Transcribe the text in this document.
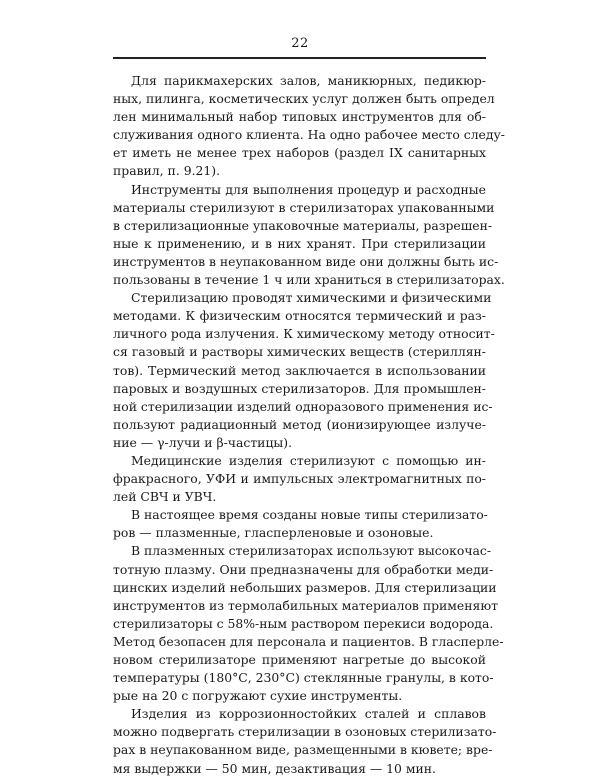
22
Для парикмахерских залов, маникюрных, педикюр-
ных, пилинга, косметических услуг должен быть определ
лен минимальный набор типовых инструментов для об-
служивания одного клиента. На одно рабочее место следу-
ет иметь не менее трех наборов (раздел IX санитарных
правил, п. 9.21).
Инструменты для выполнения процедур и расходные
материалы стерилизуют в стерилизаторах упакованными
в стерилизационные упаковочные материалы, разрешен-
ные к применению, и в них хранят. При стерилизации
инструментов в неупакованном виде они должны быть ис-
пользованы в течение 1 ч или храниться в стерилизаторах.
Стерилизацию проводят химическими и физическими
методами. К физическим относятся термический и раз-
личного рода излучения. К химическому методу относит-
ся газовый и растворы химических веществ (стериллян-
тов). Термический метод заключается в использовании
паровых и воздушных стерилизаторов. Для промышлен-
ной стерилизации изделий одноразового применения ис-
пользуют радиационный метод (ионизирующее излуче-
ние — γ-лучи и β-частицы).
Медицинские изделия стерилизуют с помощью ин-
фракрасного, УФИ и импульсных электромагнитных по-
лей СВЧ и УВЧ.
В настоящее время созданы новые типы стерилизато-
ров — плазменные, гласперленовые и озоновые.
В плазменных стерилизаторах используют высокочас-
тотную плазму. Они предназначены для обработки меди-
цинских изделий небольших размеров. Для стерилизации
инструментов из термолабильных материалов применяют
стерилизаторы с 58%-ным раствором перекиси водорода.
Метод безопасен для персонала и пациентов. В гласперле-
новом стерилизаторе применяют нагретые до высокой
температуры (180°С, 230°С) стеклянные гранулы, в кото-
рые на 20 с погружают сухие инструменты.
Изделия из коррозионностойких сталей и сплавов
можно подвергать стерилизации в озоновых стерилизато-
рах в неупакованном виде, размещенными в кювете; вре-
мя выдержки — 50 мин, дезактивация — 10 мин.
